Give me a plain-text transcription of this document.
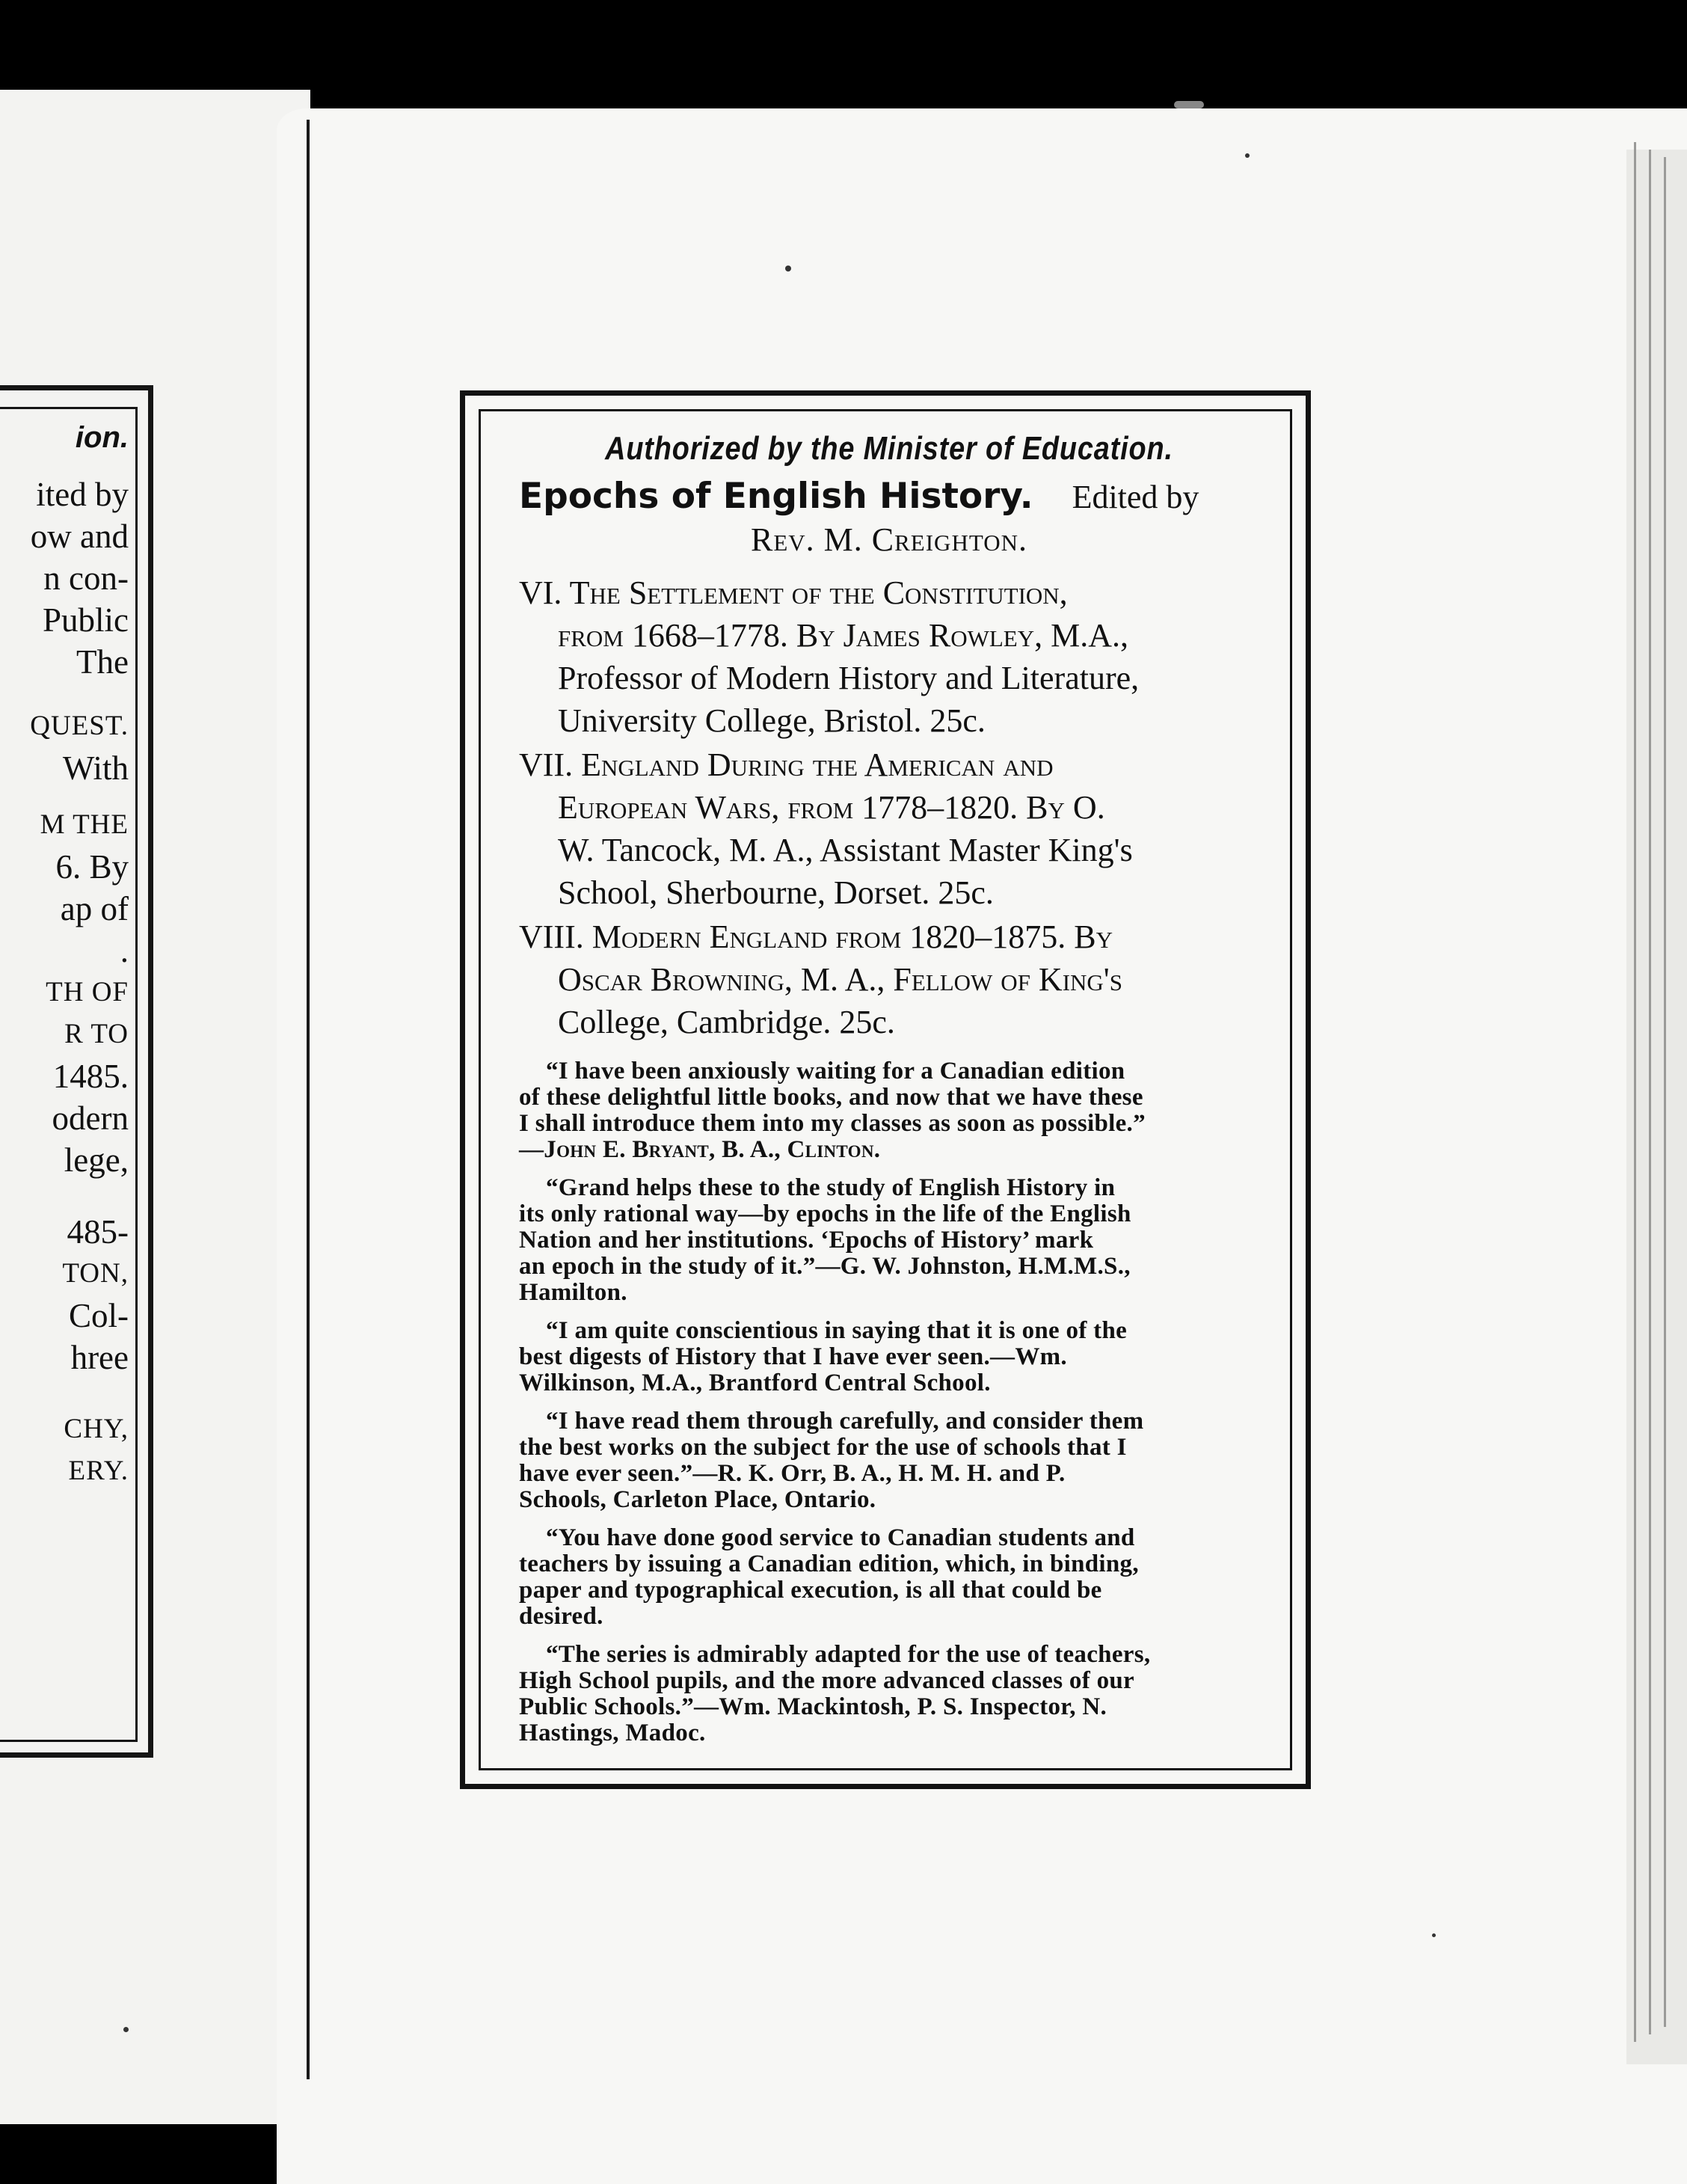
ion.
ited by
ow and
n con-
Public
The
QUEST.
With
M THE
6. By
ap of
.
TH OF
R TO
1485.
odern
lege,
485-
TON,
Col-
hree
CHY,
ERY.
Authorized by the Minister of Education.
Epochs of English History. Edited by
Rev. M. Creighton.
VI. The Settlement of the Constitution,
from 1668–1778. By James Rowley, M.A.,
Professor of Modern History and Literature,
University College, Bristol. 25c.
VII. England During the American and
European Wars, from 1778–1820. By O.
W. Tancock, M. A., Assistant Master King's
School, Sherbourne, Dorset. 25c.
VIII. Modern England from 1820–1875. By
Oscar Browning, M. A., Fellow of King's
College, Cambridge. 25c.
“I have been anxiously waiting for a Canadian edition
of these delightful little books, and now that we have these
I shall introduce them into my classes as soon as possible.”
—John E. Bryant, B. A., Clinton.
“Grand helps these to the study of English History in
its only rational way—by epochs in the life of the English
Nation and her institutions. ‘Epochs of History’ mark
an epoch in the study of it.”—G. W. Johnston, H.M.M.S.,
Hamilton.
“I am quite conscientious in saying that it is one of the
best digests of History that I have ever seen.—Wm.
Wilkinson, M.A., Brantford Central School.
“I have read them through carefully, and consider them
the best works on the subject for the use of schools that I
have ever seen.”—R. K. Orr, B. A., H. M. H. and P.
Schools, Carleton Place, Ontario.
“You have done good service to Canadian students and
teachers by issuing a Canadian edition, which, in binding,
paper and typographical execution, is all that could be
desired.
“The series is admirably adapted for the use of teachers,
High School pupils, and the more advanced classes of our
Public Schools.”—Wm. Mackintosh, P. S. Inspector, N.
Hastings, Madoc.
